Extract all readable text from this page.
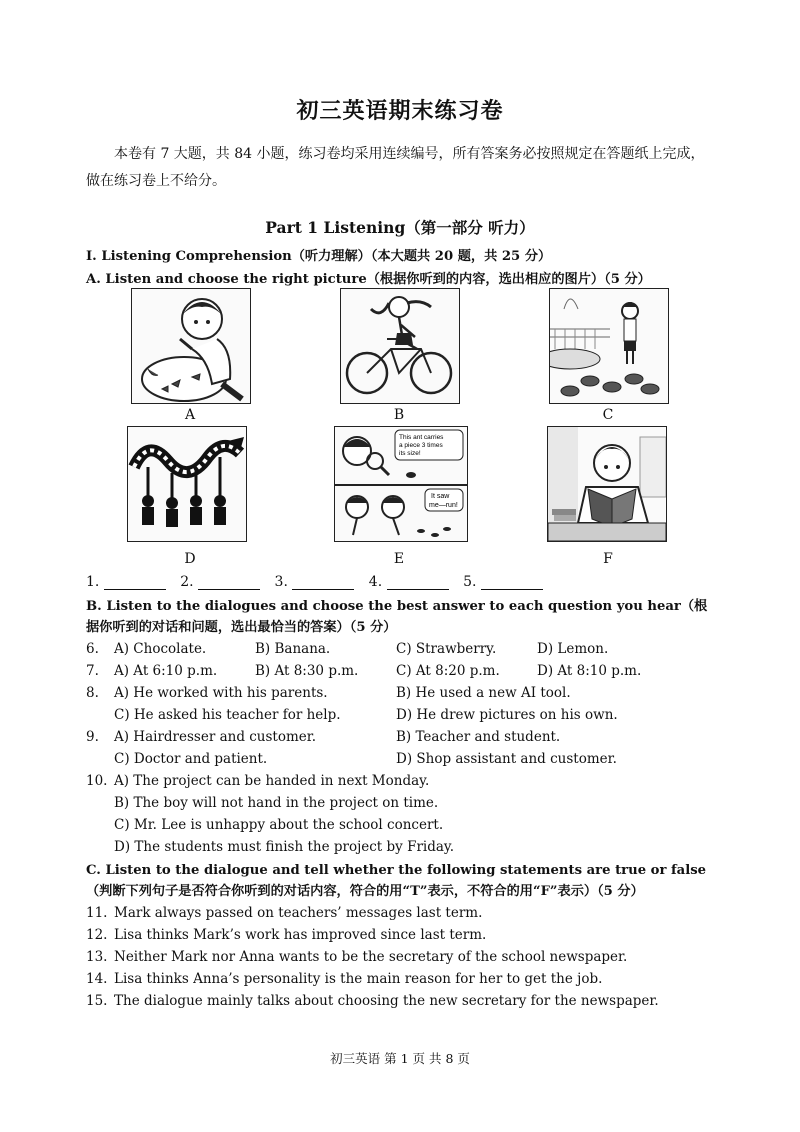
初三英语期末练习卷
本卷有 7 大题，共 84 小题，练习卷均采用连续编号，所有答案务必按照规定在答题纸上完成，做在练习卷上不给分。
Part 1 Listening（第一部分 听力）
I. Listening Comprehension（听力理解）（本大题共 20 题，共 25 分）
A. Listen and choose the right picture（根据你听到的内容，选出相应的图片）（5 分）
A	B	C
This ant carries
a piece 3 times
its size!
It saw
me—run!
D	E	F
1.	2.	3.	4.	5.
B. Listen to the dialogues and choose the best answer to each question you hear（根据你听到的对话和问题，选出最恰当的答案）（5 分）
6. A) Chocolate.	B) Banana.	C) Strawberry.	D) Lemon.
7. A) At 6:10 p.m.	B) At 8:30 p.m.	C) At 8:20 p.m.	D) At 8:10 p.m.
8. A) He worked with his parents.	B) He used a new AI tool.
C) He asked his teacher for help.	D) He drew pictures on his own.
9. A) Hairdresser and customer.	B) Teacher and student.
C) Doctor and patient.	D) Shop assistant and customer.
10. A) The project can be handed in next Monday.
B) The boy will not hand in the project on time.
C) Mr. Lee is unhappy about the school concert.
D) The students must finish the project by Friday.
C. Listen to the dialogue and tell whether the following statements are true or false（判断下列句子是否符合你听到的对话内容，符合的用“T”表示，不符合的用“F”表示）（5 分）
11. Mark always passed on teachers’ messages last term.
12. Lisa thinks Mark’s work has improved since last term.
13. Neither Mark nor Anna wants to be the secretary of the school newspaper.
14. Lisa thinks Anna’s personality is the main reason for her to get the job.
15. The dialogue mainly talks about choosing the new secretary for the newspaper.
初三英语 第 1 页 共 8 页
